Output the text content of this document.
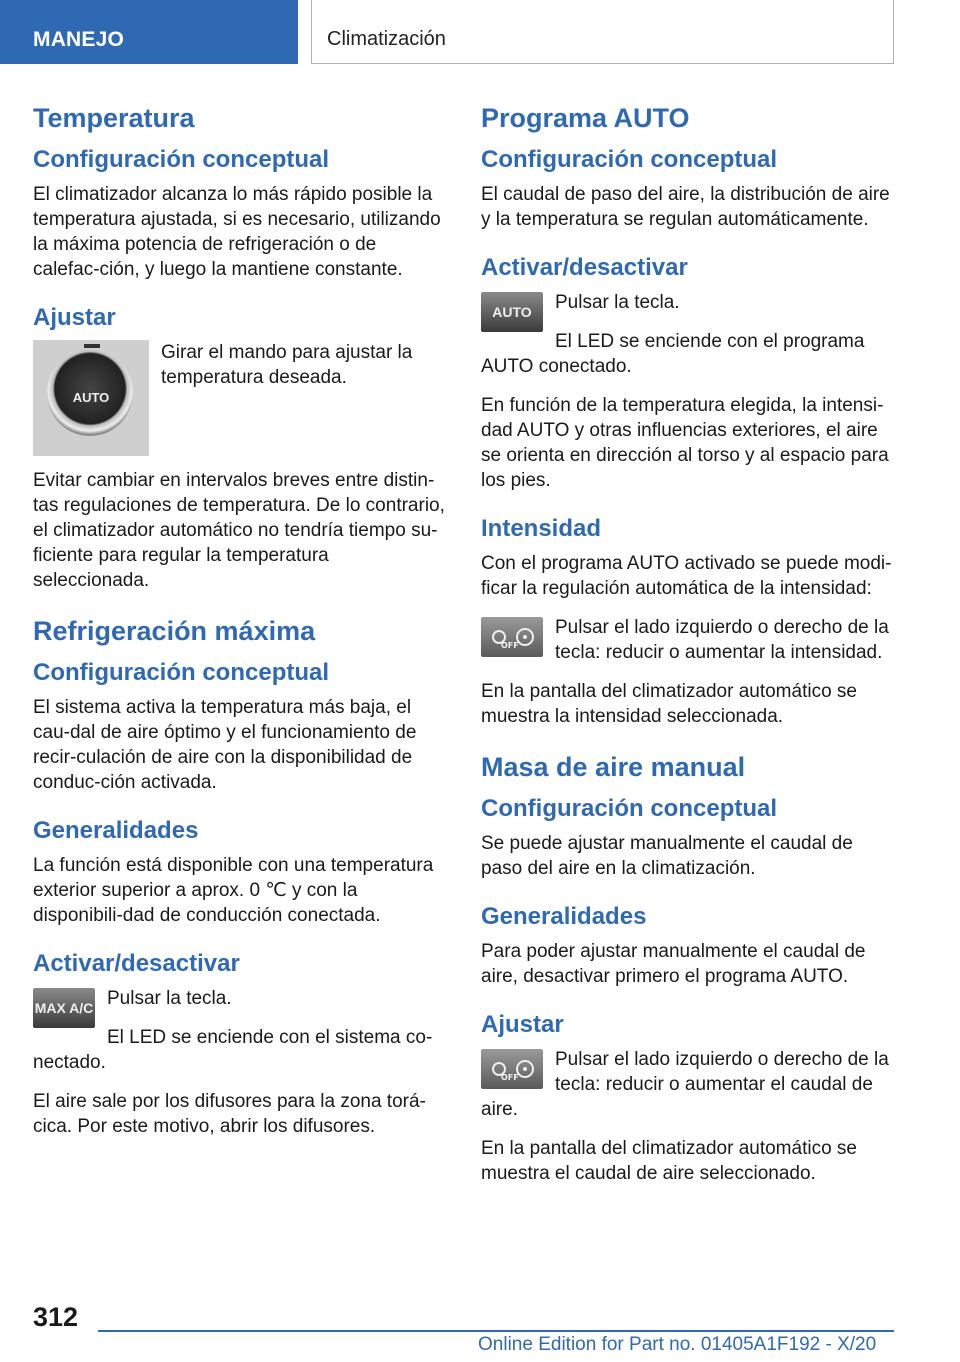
MANEJO	Climatización
Temperatura
Configuración conceptual

El climatizador alcanza lo más rápido posible la temperatura ajustada, si es necesario, utilizando la máxima potencia de refrigeración o de calefac-ción, y luego la mantiene constante.

Ajustar
AUTO

Girar el mando para ajustar la temperatura deseada.

Evitar cambiar en intervalos breves entre distin-tas regulaciones de temperatura. De lo contrario, el climatizador automático no tendría tiempo su-ficiente para regular la temperatura seleccionada.

Refrigeración máxima
Configuración conceptual

El sistema activa la temperatura más baja, el cau-dal de aire óptimo y el funcionamiento de recir-culación de aire con la disponibilidad de conduc-ción activada.

Generalidades

La función está disponible con una temperatura exterior superior a aprox. 0 ℃ y con la disponibili-dad de conducción conectada.

Activar/desactivar
MAX A/C Pulsar la tecla.

El LED se enciende con el sistema co-nectado.

El aire sale por los difusores para la zona torá-cica. Por este motivo, abrir los difusores.

Programa AUTO
Configuración conceptual

El caudal de paso del aire, la distribución de aire y la temperatura se regulan automáticamente.

Activar/desactivar
AUTO	Pulsar la tecla.

El LED se enciende con el programa AUTO conectado.

En función de la temperatura elegida, la intensi-dad AUTO y otras influencias exteriores, el aire se orienta en dirección al torso y al espacio para los pies.

Intensidad

Con el programa AUTO activado se puede modi-ficar la regulación automática de la intensidad:

OFF

Pulsar el lado izquierdo o derecho de la tecla: reducir o aumentar la intensidad.

En la pantalla del climatizador automático se muestra la intensidad seleccionada.

Masa de aire manual
Configuración conceptual

Se puede ajustar manualmente el caudal de paso del aire en la climatización.

Generalidades

Para poder ajustar manualmente el caudal de aire, desactivar primero el programa AUTO.

Ajustar
OFF

Pulsar el lado izquierdo o derecho de la tecla: reducir o aumentar el caudal de aire.

En la pantalla del climatizador automático se muestra el caudal de aire seleccionado.

312
Online Edition for Part no. 01405A1F192 - X/20
